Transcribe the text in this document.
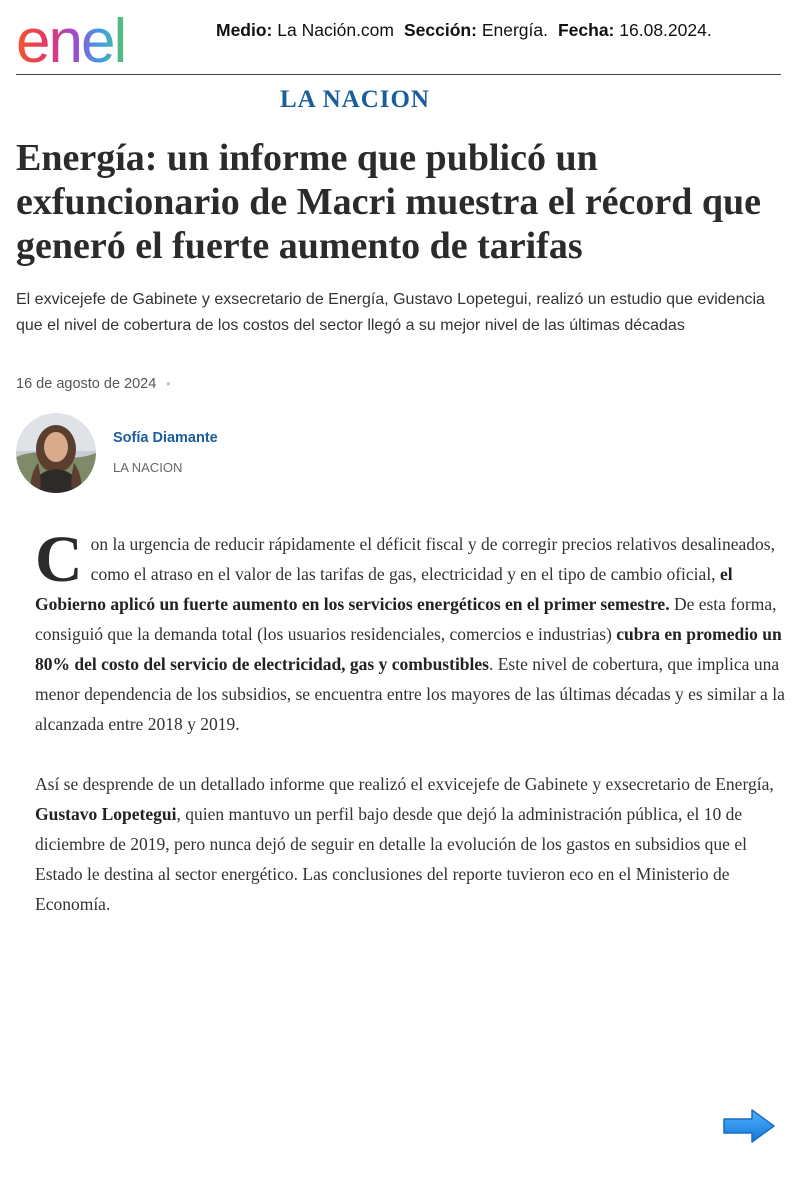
enel	Medio: La Nación.com Sección: Energía. Fecha: 16.08.2024.
LA NACION
Energía: un informe que publicó un exfuncionario de Macri muestra el récord que generó el fuerte aumento de tarifas

El exvicejefe de Gabinete y exsecretario de Energía, Gustavo Lopetegui, realizó un estudio que evidencia que el nivel de cobertura de los costos del sector llegó a su mejor nivel de las últimas décadas

16 de agosto de 2024 •
Sofía Diamante
LA NACION

Con la urgencia de reducir rápidamente el déficit fiscal y de corregir precios relativos desalineados, como el atraso en el valor de las tarifas de gas, electricidad y en el tipo de cambio oficial, el Gobierno aplicó un fuerte aumento en los servicios energéticos en el primer semestre. De esta forma, consiguió que la demanda total (los usuarios residenciales, comercios e industrias) cubra en promedio un 80% del costo del servicio de electricidad, gas y combustibles. Este nivel de cobertura, que implica una menor dependencia de los subsidios, se encuentra entre los mayores de las últimas décadas y es similar a la alcanzada entre 2018 y 2019.

Así se desprende de un detallado informe que realizó el exvicejefe de Gabinete y exsecretario de Energía, Gustavo Lopetegui, quien mantuvo un perfil bajo desde que dejó la administración pública, el 10 de diciembre de 2019, pero nunca dejó de seguir en detalle la evolución de los gastos en subsidios que el Estado le destina al sector energético. Las conclusiones del reporte tuvieron eco en el Ministerio de Economía.
